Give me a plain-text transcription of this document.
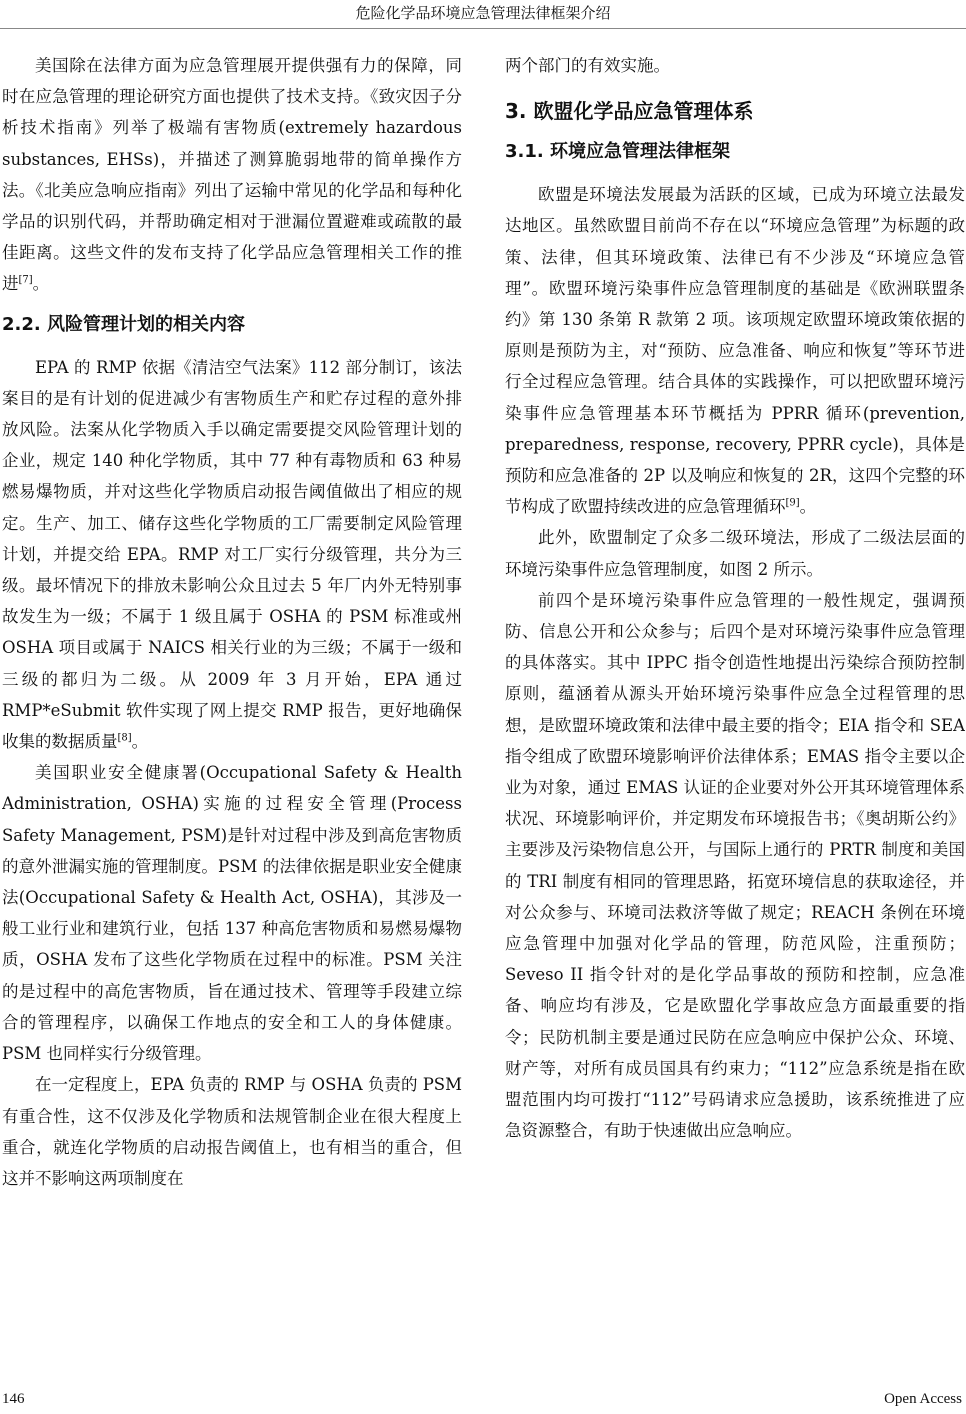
危险化学品环境应急管理法律框架介绍

美国除在法律方面为应急管理展开提供强有力的保障，同时在应急管理的理论研究方面也提供了技术支持。《致灾因子分析技术指南》列举了极端有害物质(extremely hazardous substances, EHSs)，并描述了测算脆弱地带的简单操作方法。《北美应急响应指南》列出了运输中常见的化学品和每种化学品的识别代码，并帮助确定相对于泄漏位置避难或疏散的最佳距离。这些文件的发布支持了化学品应急管理相关工作的推进[7]。

2.2. 风险管理计划的相关内容

EPA 的 RMP 依据《清洁空气法案》112 部分制订，该法案目的是有计划的促进减少有害物质生产和贮存过程的意外排放风险。法案从化学物质入手以确定需要提交风险管理计划的企业，规定 140 种化学物质，其中 77 种有毒物质和 63 种易燃易爆物质，并对这些化学物质启动报告阈值做出了相应的规定。生产、加工、储存这些化学物质的工厂需要制定风险管理计划，并提交给 EPA。RMP 对工厂实行分级管理，共分为三级。最坏情况下的排放未影响公众且过去 5 年厂内外无特别事故发生为一级；不属于 1 级且属于 OSHA 的 PSM 标准或州 OSHA 项目或属于 NAICS 相关行业的为三级；不属于一级和三级的都归为二级。从 2009 年 3 月开始，EPA 通过 RMP*eSubmit 软件实现了网上提交 RMP 报告，更好地确保收集的数据质量[8]。

美国职业安全健康署(Occupational Safety & Health Administration, OSHA)实施的过程安全管理(Process Safety Management, PSM)是针对过程中涉及到高危害物质的意外泄漏实施的管理制度。PSM 的法律依据是职业安全健康法(Occupational Safety & Health Act, OSHA)，其涉及一般工业行业和建筑行业，包括 137 种高危害物质和易燃易爆物质，OSHA 发布了这些化学物质在过程中的标准。PSM 关注的是过程中的高危害物质，旨在通过技术、管理等手段建立综合的管理程序，以确保工作地点的安全和工人的身体健康。PSM 也同样实行分级管理。

在一定程度上，EPA 负责的 RMP 与 OSHA 负责的 PSM 有重合性，这不仅涉及化学物质和法规管制企业在很大程度上重合，就连化学物质的启动报告阈值上，也有相当的重合，但这并不影响这两项制度在

两个部门的有效实施。

3. 欧盟化学品应急管理体系
3.1. 环境应急管理法律框架

欧盟是环境法发展最为活跃的区域，已成为环境立法最发达地区。虽然欧盟目前尚不存在以“环境应急管理”为标题的政策、法律，但其环境政策、法律已有不少涉及“环境应急管理”。欧盟环境污染事件应急管理制度的基础是《欧洲联盟条约》第 130 条第 R 款第 2 项。该项规定欧盟环境政策依据的原则是预防为主，对“预防、应急准备、响应和恢复”等环节进行全过程应急管理。结合具体的实践操作，可以把欧盟环境污染事件应急管理基本环节概括为 PPRR 循环(prevention, preparedness, response, recovery, PPRR cycle)，具体是预防和应急准备的 2P 以及响应和恢复的 2R，这四个完整的环节构成了欧盟持续改进的应急管理循环[9]。

此外，欧盟制定了众多二级环境法，形成了二级法层面的环境污染事件应急管理制度，如图 2 所示。

前四个是环境污染事件应急管理的一般性规定，强调预防、信息公开和公众参与；后四个是对环境污染事件应急管理的具体落实。其中 IPPC 指令创造性地提出污染综合预防控制原则，蕴涵着从源头开始环境污染事件应急全过程管理的思想，是欧盟环境政策和法律中最主要的指令；EIA 指令和 SEA 指令组成了欧盟环境影响评价法律体系；EMAS 指令主要以企业为对象，通过 EMAS 认证的企业要对外公开其环境管理体系状况、环境影响评价，并定期发布环境报告书；《奥胡斯公约》主要涉及污染物信息公开，与国际上通行的 PRTR 制度和美国的 TRI 制度有相同的管理思路，拓宽环境信息的获取途径，并对公众参与、环境司法救济等做了规定；REACH 条例在环境应急管理中加强对化学品的管理，防范风险，注重预防；Seveso II 指令针对的是化学品事故的预防和控制，应急准备、响应均有涉及，它是欧盟化学事故应急方面最重要的指令；民防机制主要是通过民防在应急响应中保护公众、环境、财产等，对所有成员国具有约束力；“112”应急系统是指在欧盟范围内均可拨打“112”号码请求应急援助，该系统推进了应急资源整合，有助于快速做出应急响应。

146	Open Access
